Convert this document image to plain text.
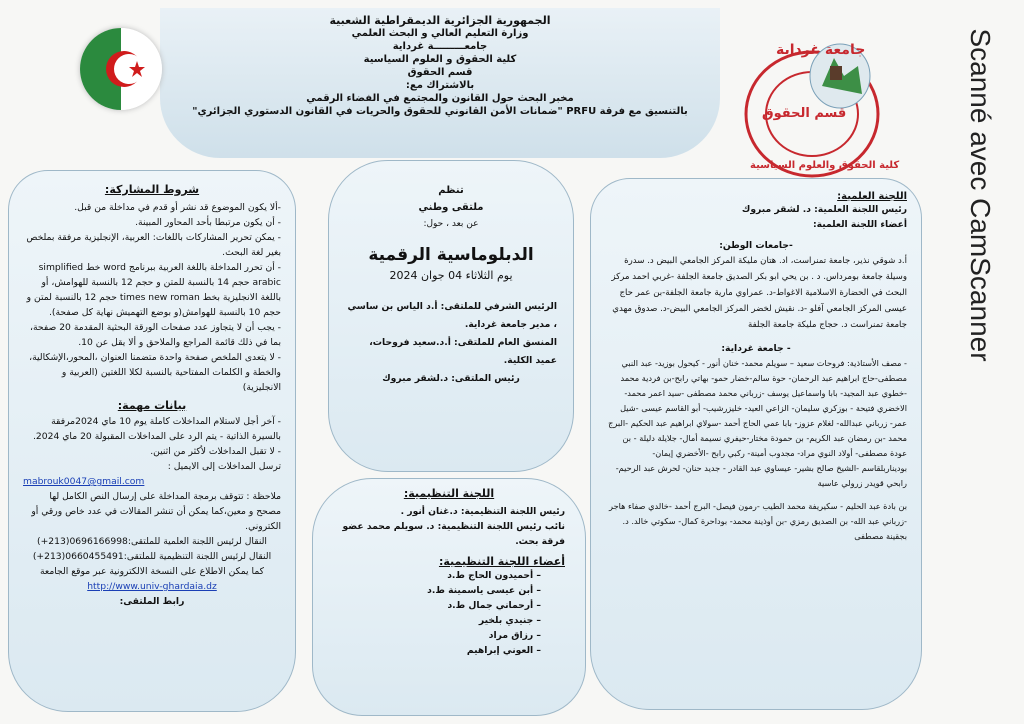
الجمهورية الجزائرية الديمقراطية الشعبية
وزارة التعليم العالي و البحث العلمي
جامعـــــــــة غرداية
كلية الحقوق و العلوم السياسية
قسم الحقوق
بالاشتراك مع:
مخبر البحث حول القانون والمجتمع في الفضاء الرقمي
بالتنسيق مع فرقة PRFU "ضمانات الأمن القانوني للحقوق والحريات في القانون الدستوري الجزائري"
جامعة غرداية
قسم الحقوق
كلية الحقوق والعلوم السياسية Scanné avec CamScanner

شروط المشاركة:

-ألا يكون الموضوع قد نشر أو قدم في مداخلة من قبل.

- أن يكون مرتبطا بأحد المحاور المبينة.

- يمكن تحرير المشاركات باللغات: العربية، الإنجليزية مرفقة بملخص بغير لغة البحث.

- أن تحرر المداخلة باللغة العربية ببرنامج word خط simplified arabic حجم 14 بالنسبة للمتن و حجم 12 بالنسبة للهوامش، أو باللغة الانجليزية بخط times new roman حجم 12 بالنسبة لمتن و حجم 10 بالنسبة للهوامش(و بوضع التهميش نهاية كل صفحة).

- يجب أن لا يتجاوز عدد صفحات الورقة البحثية المقدمة 20 صفحة، بما في ذلك قائمة المراجع والملاحق و ألا يقل عن 10.

- لا يتعدى الملخص صفحة واحدة متضمنا العنوان ،المحور،الإشكالية، والخطة و الكلمات المفتاحية بالنسبة لكلا اللغتين (العربية و الانجليزية)

بيانات مهمة:

- آخر أجل لاستلام المداخلات كاملة يوم 10 ماي 2024مرفقة بالسيرة الذاتية - يتم الرد على المداخلات المقبولة 20 ماي 2024.

- لا تقبل المداخلات لأكثر من اثنين.

ترسل المداخلات إلى الايميل :

mabrouk0047@gmail.com

ملاحظة : تتوقف برمجة المداخلة على إرسال النص الكامل لها مصحح و معين،كما يمكن أن تنشر المقالات في عدد خاص ورقي أو الكتروني.

النقال لرئيس اللجنة العلمية للملتقى:0696166998(213+)

النقال لرئيس اللجنة التنظيمية للملتقى:0660455491(213+)

كما يمكن الاطلاع على النسخة الالكترونية عبر موقع الجامعة

http://www.univ-ghardaia.dz

رابط الملتقى:

تنظم

ملتقى وطني

عن بعد ، حول:

الدبلوماسية الرقمية

يوم الثلاثاء 04 جوان 2024

الرئيس الشرفي للملتقى: أ.د الياس بن ساسي ، مدير جامعة غرداية.

المنسق العام للملتقى: أ.د.سعيد فروحات، عميد الكلية.

رئيس الملتقى: د.لشقر مبروك

اللجنة التنظيمية:

رئيس اللجنة التنظيمية: د.غنان أنور .

نائب رئيس اللجنة التنظيمية: د. سويلم محمد عضو فرقة بحث.

أعضاء اللجنة التنظيمية:

– أحميدون الحاج ط.د

– أبن عيسى ياسمينة ط.د

– أرحماني جمال ط.د

– جنيدي بلخير

– رزاق مراد

– العوني إبراهيم

اللجنة العلمية:

رئيس اللجنة العلمية: د. لشقر مبروك

أعضاء اللجنة العلمية:

-جامعات الوطن:

أ.د شوقي نذير، جامعة تمنراست، اد. هتان مليكة المركز الجامعي البيض د. سدرة وسيلة جامعة بومرداس. د . بن يحي ابو بكر الصديق جامعة الجلفة -غربي احمد مركز البحث في الحضارة الاسلامية الاغواط-د. عمراوي مارية جامعة الجلفة-بن عمر حاج عيسى المركز الجامعي آفلو -د. نقيش لخضر المركز الجامعي البيض-د. صدوق مهدي جامعة تمنراست د. حجاج مليكة جامعة الجلفة

- جامعة غرداية:

- مصف الأستاذية: فروحات سعيد – سويلم محمد- خنان أنور - كيحول بوزيد- عبد النبي مصطفى-حاج ابراهيم عبد الرحمان- حوة سالم-خضار حمو- بهاتي رابح-بن فردية محمد -خطوي عبد المجيد- بابا واسماعيل يوسف -زرباني محمد مصطفى -سيد اعمر محمد- الاخضري فتيحة - بوزكري سليمان- الزاعي العيد- خليزرشيب- أبو القاسم عيسى -شيل عمر- زرباني عبدالله- لغلام عزوز- بابا عمي الحاج أحمد -سولاي ابراهيم عبد الحكيم -البرج محمد -بن رمضان عبد الكريم- بن حمودة مختار-حيفري نسيمة أمال- جلايلة دليلة - بن عودة مصطفى- أولاد النوي مراد- مجدوب أمينة- ركبي رابح -الأخضري إيمان- بوديناربلقاسم -الشيخ صالح بشير- عيساوي عبد القادر - جديد حنان- لحرش عبد الرحيم- رابحي قويدر زرولي عاسية

بن بادة عبد الحليم - سكيريفة محمد الطيب -رمون فيصل- البرج أحمد -خالدي صفاء هاجر -زرباني عبد الله- بن الصديق رمزي -بن أوذينة محمد- بوداحرة كمال- سكوتي خالد. د. بجقينة مصطفى
